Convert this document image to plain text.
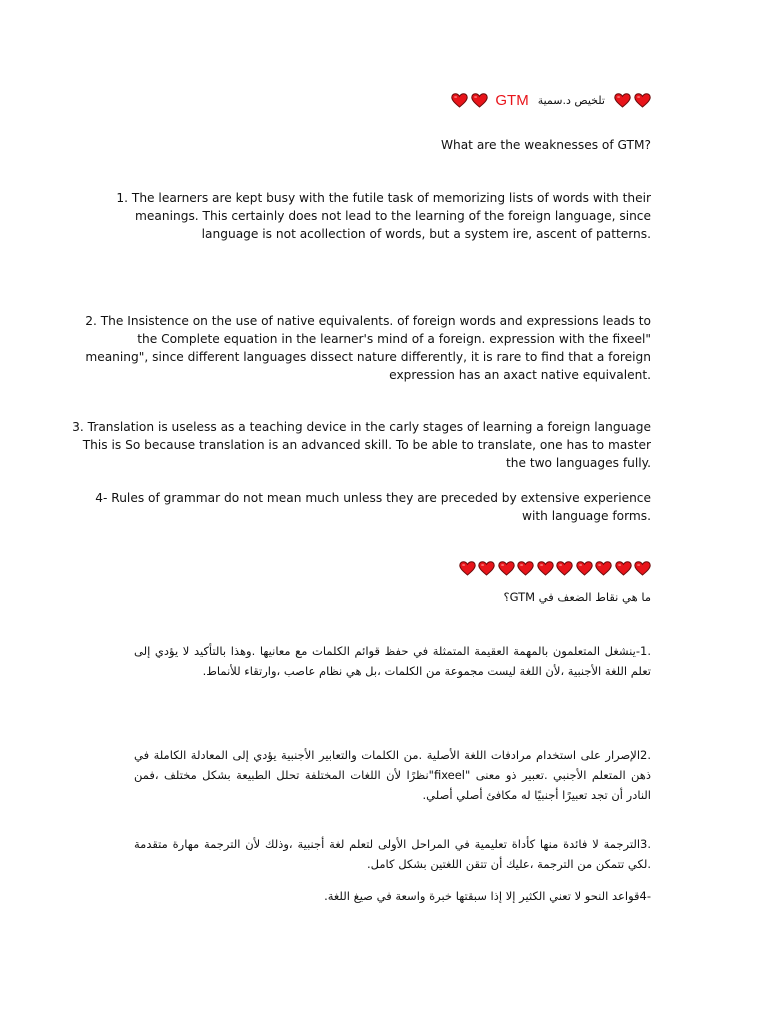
GTM تلخيص د.سمية
What are the weaknesses of GTM?
1. The learners are kept busy with the futile task of memorizing lists of words with their
meanings. This certainly does not lead to the learning of the foreign language, since
language is not acollection of words, but a system ire, ascent of patterns.
2. The Insistence on the use of native equivalents. of foreign words and expressions leads to
the Complete equation in the learner's mind of a foreign. expression with the fixeel"
meaning", since different languages dissect nature differently, it is rare to find that a foreign
expression has an axact native equivalent.
3. Translation is useless as a teaching device in the carly stages of learning a foreign language
This is So because translation is an advanced skill. To be able to translate, one has to master
the two languages fully.
4- Rules of grammar do not mean much unless they are preceded by extensive experience
with language forms.
ما هي نقاط الضعف في GTM؟
.1-ينشغل المتعلمون بالمهمة العقيمة المتمثلة في حفظ قوائم الكلمات مع معانيها .وهذا بالتأكيد لا يؤدي إلى تعلم اللغة الأجنبية ،لأن اللغة ليست مجموعة من الكلمات ،بل هي نظام عاصب ،وارتقاء للأنماط.
.2الإصرار على استخدام مرادفات اللغة الأصلية .من الكلمات والتعابير الأجنبية يؤدي إلى المعادلة الكاملة في ذهن المتعلم الأجنبي .تعبير ذو معنى "fixeel"نظرًا لأن اللغات المختلفة تحلل الطبيعة بشكل مختلف ،فمن النادر أن تجد تعبيرًا أجنبيًا له مكافئ أصلي أصلي.
.3الترجمة لا فائدة منها كأداة تعليمية في المراحل الأولى لتعلم لغة أجنبية ،وذلك لأن الترجمة مهارة متقدمة .لكي تتمكن من الترجمة ،عليك أن تتقن اللغتين بشكل كامل.
-4قواعد النحو لا تعني الكثير إلا إذا سبقتها خبرة واسعة في صيغ اللغة.
